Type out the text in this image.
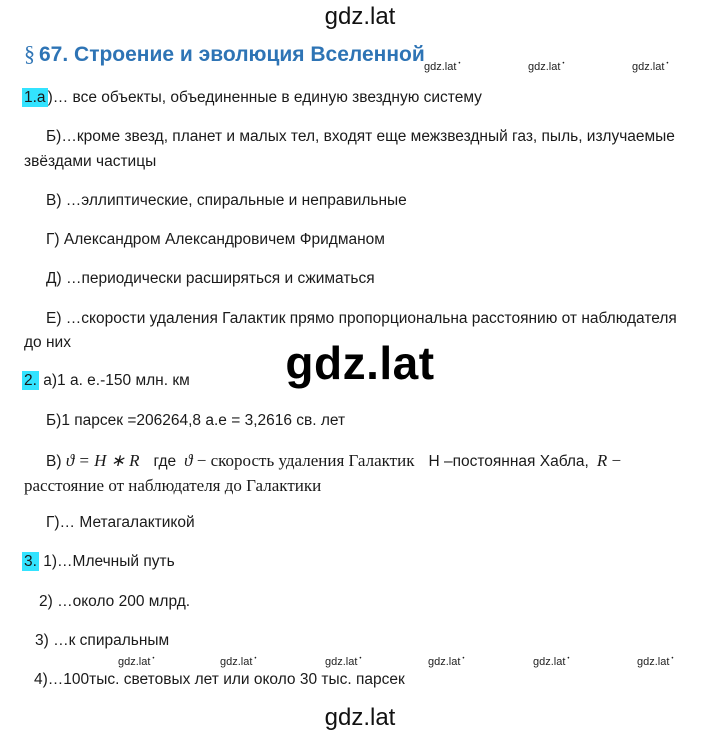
gdz.lat
gdz.lat
gdz.lat
gdz.lat •	gdz.lat •	gdz.lat •
gdz.lat •	gdz.lat •	gdz.lat •	gdz.lat •	gdz.lat •	gdz.lat •
§ 67. Строение и эволюция Вселенной
1.а )… все объекты, объединенные в единую звездную систему
Б)…кроме звезд, планет и малых тел, входят еще межзвездный газ, пыль, излучаемые
звёздами частицы
В) …эллиптические, спиральные и неправильные
Г) Александром Александровичем Фридманом
Д) …периодически расширяться и сжиматься
Е) …скорости удаления Галактик прямо пропорциональна расстоянию от наблюдателя
до них
2. а)1 а. е.-150 млн. км
Б)1 парсек =206264,8 а.е = 3,2616 св. лет
В) ϑ = H ∗ R где ϑ − скорость удаления Галактик H –постоянная Хабла, R −
расстояние от наблюдателя до Галактики
Г)… Метагалактикой
3. 1)…Млечный путь
2) …около 200 млрд.
3) …к спиральным
4)…100тыс. световых лет или около 30 тыс. парсек
